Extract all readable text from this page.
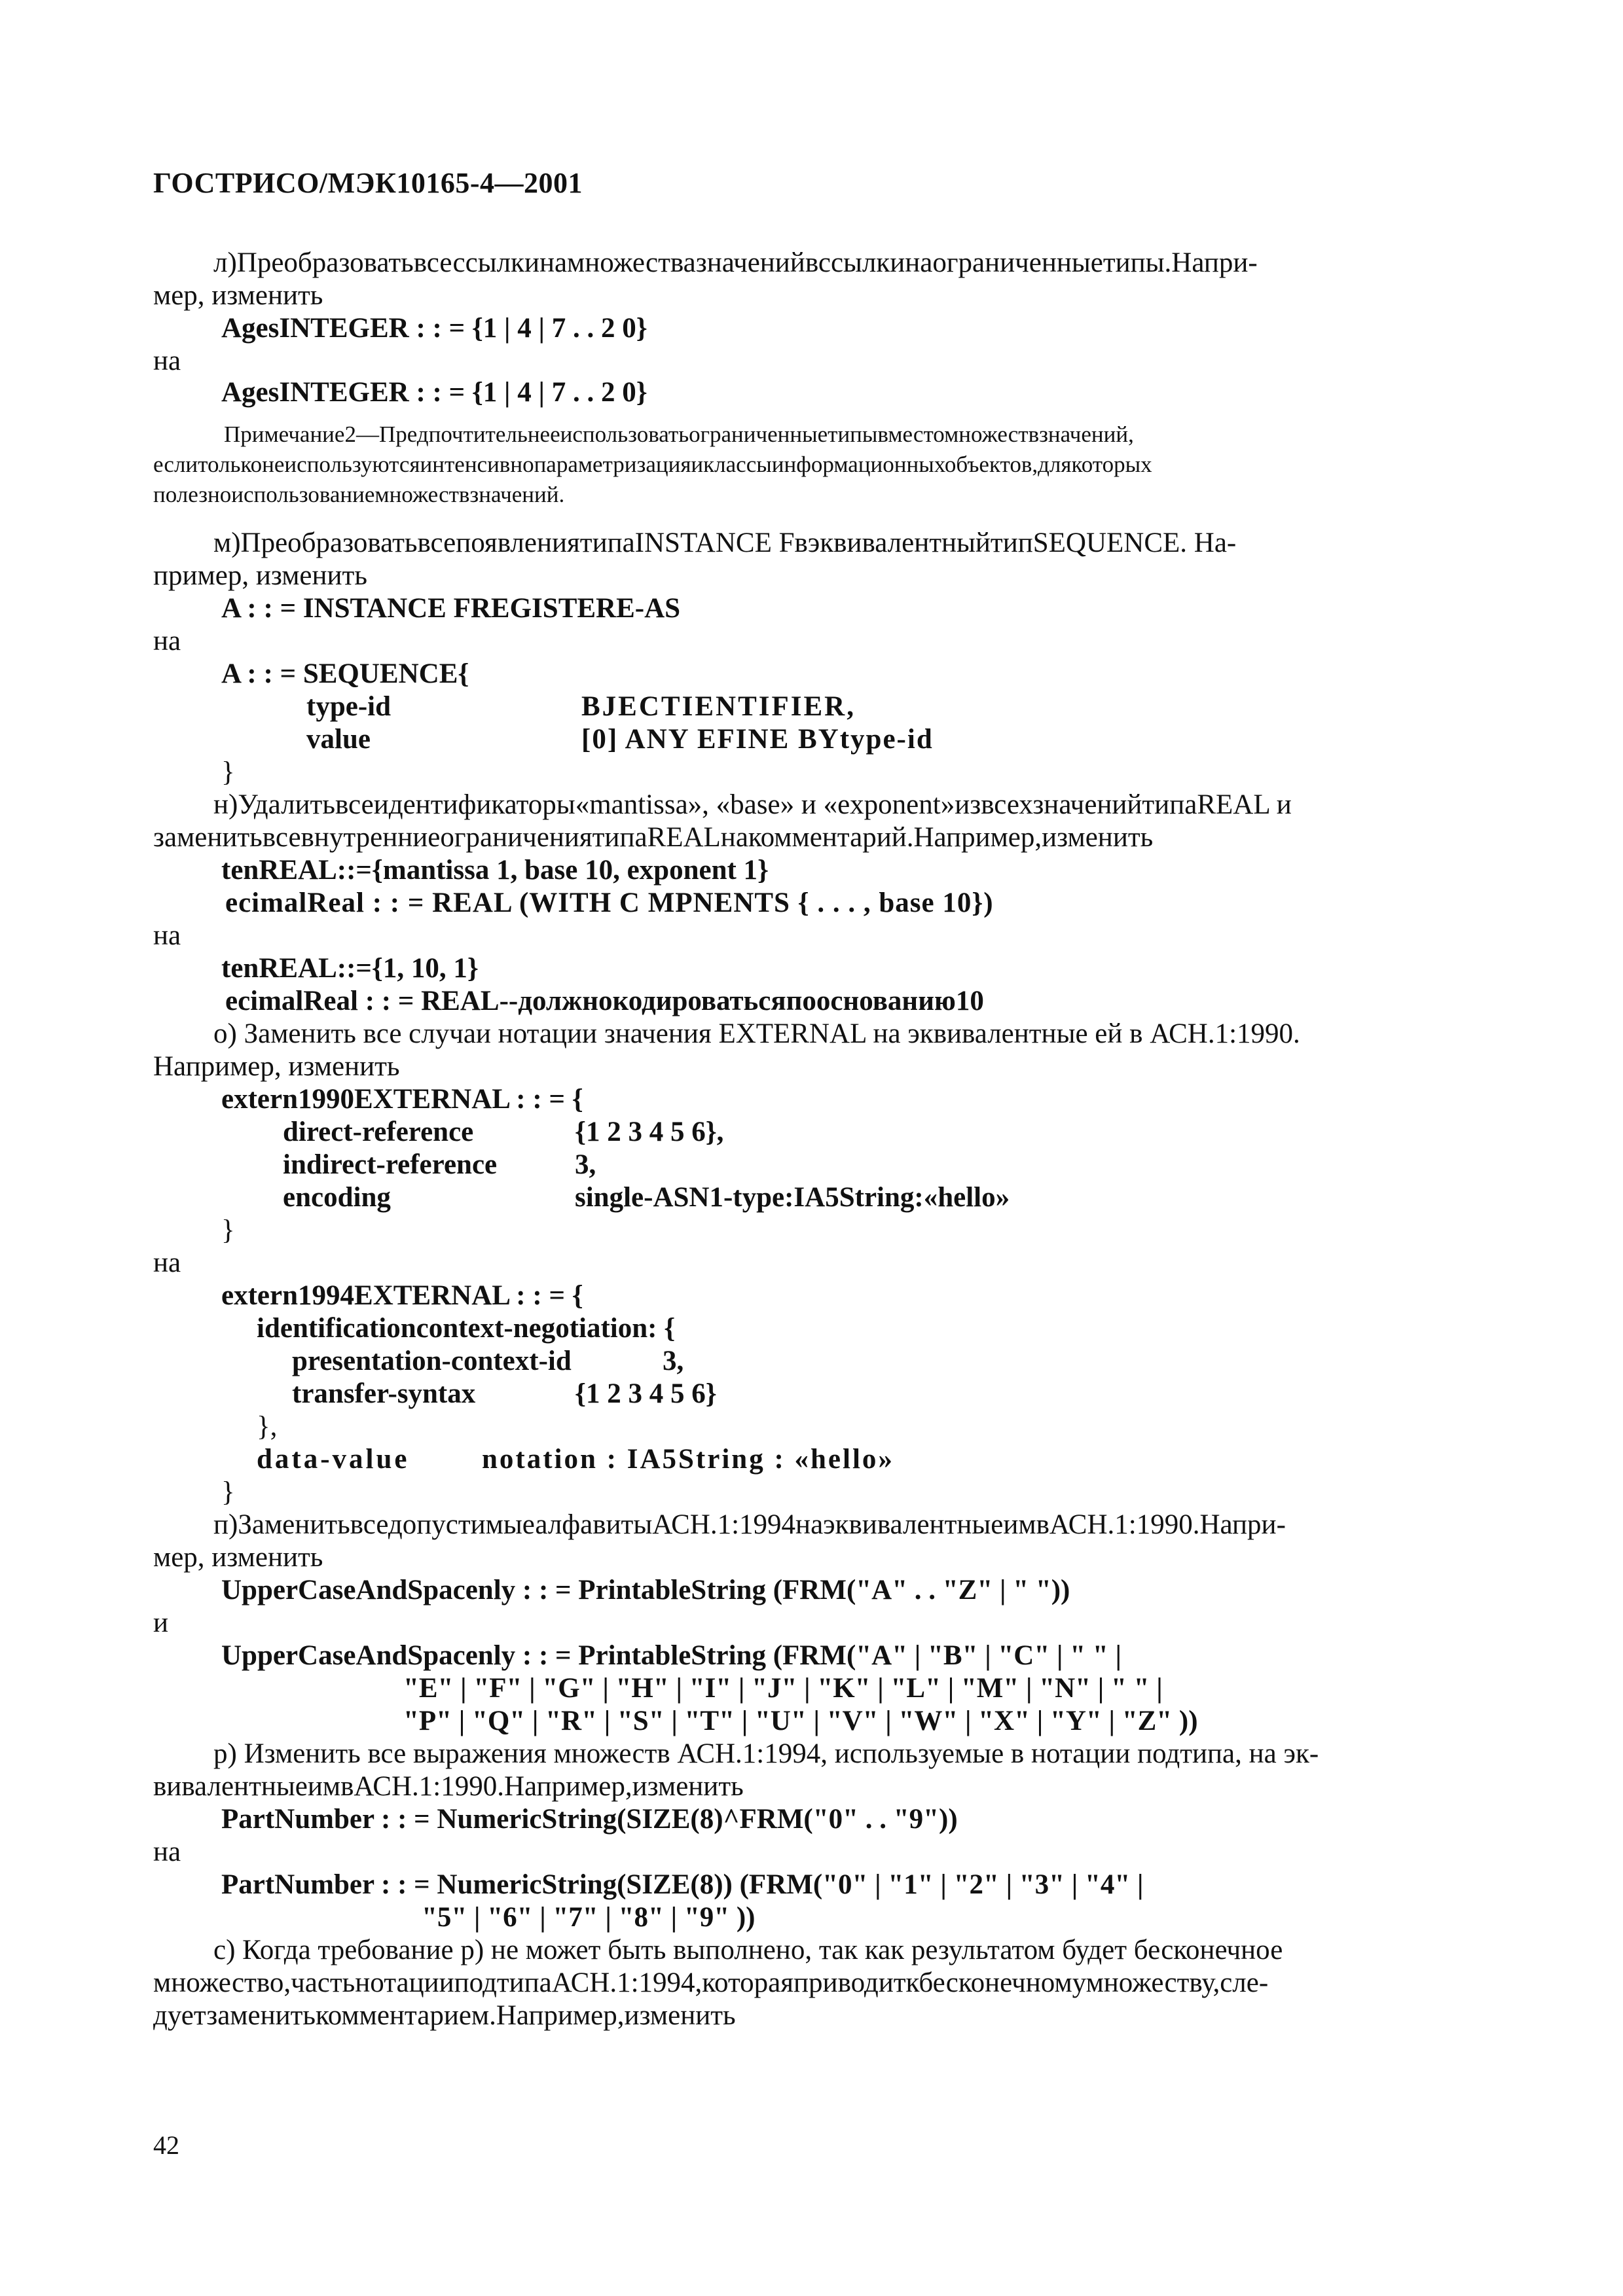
ГОСТРИСО/МЭК10165-4—2001
л)Преобразоватьвсессылкинамножествазначенийвссылкинаограниченныетипы.Напри-
мер, изменить
AgesINTEGER : : = {1 | 4 | 7 . . 2 0}
на
AgesINTEGER : : = {1 | 4 | 7 . . 2 0}
Примечание2—Предпочтительнееиспользоватьограниченныетипывместомножествзначений,
еслитольконеиспользуютсяинтенсивнопараметризацияиклассыинформационныхобъектов,длякоторых
полезноиспользованиемножествзначений.
м)ПреобразоватьвсепоявлениятипаINSTANCE FвэквивалентныйтипSEQUENCE. На-
пример, изменить
A : : = INSTANCE FREGISTERE-AS
на
A : : = SEQUENCE{
type-id	BJECTIENTIFIER,
value	[0] ANY EFINE BYtype-id
}
н)Удалитьвсеидентификаторы«mantissa», «base» и «exponent»извсехзначенийтипаREAL и
заменитьвсевнутренниеограничениятипаREALнакомментарий.Например,изменить
tenREAL::={mantissa 1, base 10, exponent 1}
ecimalReal : : = REAL (WITH C MPNENTS { . . . , base 10})
на
tenREAL::={1, 10, 1}
ecimalReal : : = REAL--должнокодироватьсяпооснованию10
о) Заменить все случаи нотации значения EXTERNAL на эквивалентные ей в АСН.1:1990.
Например, изменить
extern1990EXTERNAL : : = {
direct-reference	{1 2 3 4 5 6},
indirect-reference	3,
encoding	single-ASN1-type:IA5String:«hello»
}
на
extern1994EXTERNAL : : = {
identificationcontext-negotiation: {
presentation-context-id	3,
transfer-syntax	{1 2 3 4 5 6}
},
data-value	notation : IA5String : «hello»
}
п)ЗаменитьвседопустимыеалфавитыАСН.1:1994наэквивалентныеимвАСН.1:1990.Напри-
мер, изменить
UpperCaseAndSpacenly : : = PrintableString (FRM("A" . . "Z" | " "))
и
UpperCaseAndSpacenly : : = PrintableString (FRM("A" | "B" | "C" | " " |
"E" | "F" | "G" | "H" | "I" | "J" | "K" | "L" | "M" | "N" | " " |
"P" | "Q" | "R" | "S" | "T" | "U" | "V" | "W" | "X" | "Y" | "Z" ))
р) Изменить все выражения множеств АСН.1:1994, используемые в нотации подтипа, на эк-
вивалентныеимвАСН.1:1990.Например,изменить
PartNumber : : = NumericString(SIZE(8)^FRM("0" . . "9"))
на
PartNumber : : = NumericString(SIZE(8)) (FRM("0" | "1" | "2" | "3" | "4" |
"5" | "6" | "7" | "8" | "9" ))
с) Когда требование р) не может быть выполнено, так как результатом будет бесконечное
множество,частьнотацииподтипаАСН.1:1994,котораяприводиткбесконечномумножеству,сле-
дуетзаменитькомментарием.Например,изменить
42
